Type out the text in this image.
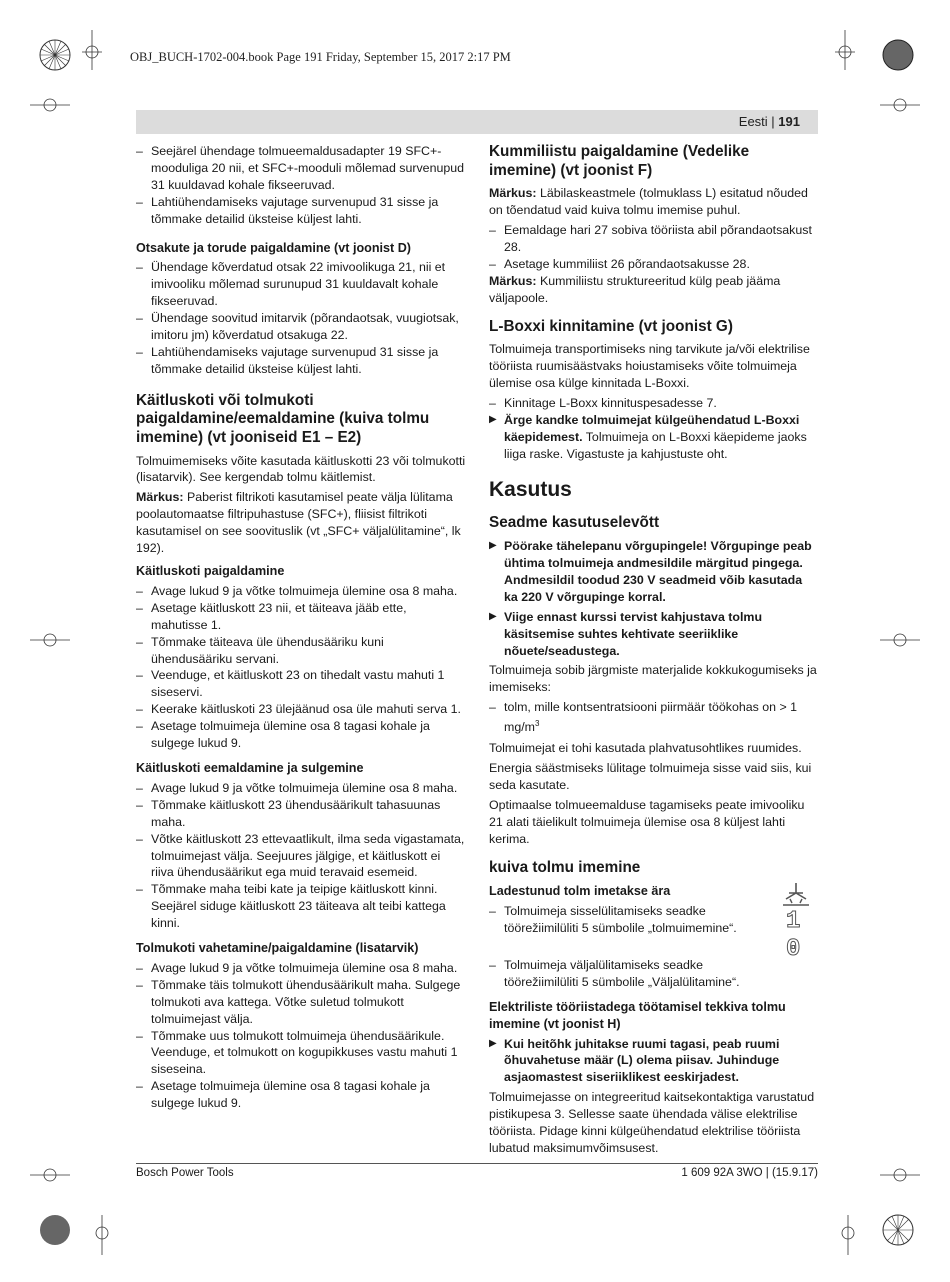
OBJ_BUCH-1702-004.book Page 191 Friday, September 15, 2017 2:17 PM
Eesti | 191

– Seejärel ühendage tolmueemaldusadapter 19 SFC+-mooduliga 20 nii, et SFC+-mooduli mõlemad survenupud 31 kuuldavad kohale fikseeruvad.

– Lahtiühendamiseks vajutage survenupud 31 sisse ja tõmmake detailid üksteise küljest lahti.

Otsakute ja torude paigaldamine (vt joonist D)

– Ühendage kõverdatud otsak 22 imivoolikuga 21, nii et imivooliku mõlemad surunupud 31 kuuldavalt kohale fikseeruvad.

– Ühendage soovitud imitarvik (põrandaotsak, vuugiotsak, imitoru jm) kõverdatud otsakuga 22.

– Lahtiühendamiseks vajutage survenupud 31 sisse ja tõmmake detailid üksteise küljest lahti.

Käitluskoti või tolmukoti paigaldamine/eemaldamine (kuiva tolmu imemine) (vt jooniseid E1 – E2)

Tolmuimemiseks võite kasutada käitluskotti 23 või tolmukotti (lisatarvik). See kergendab tolmu käitlemist.

Märkus: Paberist filtrikoti kasutamisel peate välja lülitama poolautomaatse filtripuhastuse (SFC+), fliisist filtrikoti kasutamisel on see soovituslik (vt „SFC+ väljalülitamine“, lk 192).

Käitluskoti paigaldamine

– Avage lukud 9 ja võtke tolmuimeja ülemine osa 8 maha.

– Asetage käitluskott 23 nii, et täiteava jääb ette, mahutisse 1.

– Tõmmake täiteava üle ühendusääriku kuni ühendusääriku servani.

– Veenduge, et käitluskott 23 on tihedalt vastu mahuti 1 siseservi.

– Keerake käitluskoti 23 ülejäänud osa üle mahuti serva 1.

– Asetage tolmuimeja ülemine osa 8 tagasi kohale ja sulgege lukud 9.

Käitluskoti eemaldamine ja sulgemine

– Avage lukud 9 ja võtke tolmuimeja ülemine osa 8 maha.

– Tõmmake käitluskott 23 ühendusäärikult tahasuunas maha.

– Võtke käitluskott 23 ettevaatlikult, ilma seda vigastamata, tolmuimejast välja. Seejuures jälgige, et käitluskott ei riiva ühendusäärikut ega muid teravaid esemeid.

– Tõmmake maha teibi kate ja teipige käitluskott kinni. Seejärel siduge käitluskott 23 täiteava alt teibi kattega kinni.

Tolmukoti vahetamine/paigaldamine (lisatarvik)

– Avage lukud 9 ja võtke tolmuimeja ülemine osa 8 maha.

– Tõmmake täis tolmukott ühendusäärikult maha. Sulgege tolmukoti ava kattega. Võtke suletud tolmukott tolmuimejast välja.

– Tõmmake uus tolmukott tolmuimeja ühendusäärikule. Veenduge, et tolmukott on kogupikkuses vastu mahuti 1 siseseina.

– Asetage tolmuimeja ülemine osa 8 tagasi kohale ja sulgege lukud 9.

Kummiliistu paigaldamine (Vedelike imemine) (vt joonist F)

Märkus: Läbilaskeastmele (tolmuklass L) esitatud nõuded on tõendatud vaid kuiva tolmu imemise puhul.

– Eemaldage hari 27 sobiva tööriista abil põrandaotsakust 28.

– Asetage kummiliist 26 põrandaotsakusse 28.

Märkus: Kummiliistu struktureeritud külg peab jääma väljapoole.

L-Boxxi kinnitamine (vt joonist G)

Tolmuimeja transportimiseks ning tarvikute ja/või elektrilise tööriista ruumisäästvaks hoiustamiseks võite tolmuimeja ülemise osa külge kinnitada L-Boxxi.

– Kinnitage L-Boxx kinnituspesadesse 7.

▶ Ärge kandke tolmuimejat külgeühendatud L-Boxxi käepidemest. Tolmuimeja on L-Boxxi käepideme jaoks liiga raske. Vigastuste ja kahjustuste oht.

Kasutus
Seadme kasutuselevõtt

▶ Pöörake tähelepanu võrgupingele! Võrgupinge peab ühtima tolmuimeja andmesildile märgitud pingega. Andmesildil toodud 230 V seadmeid võib kasutada ka 220 V võrgupinge korral.

▶ Viige ennast kurssi tervist kahjustava tolmu käsitsemise suhtes kehtivate seeriiklike nõuete/seadustega.

Tolmuimeja sobib järgmiste materjalide kokkukogumiseks ja imemiseks:

– tolm, mille kontsentratsiooni piirmäär töökohas on > 1 $mg/m^3$

Tolmuimejat ei tohi kasutada plahvatusohtlikes ruumides.

Energia säästmiseks lülitage tolmuimeja sisse vaid siis, kui seda kasutate.

Optimaalse tolmueemalduse tagamiseks peate imivooliku 21 alati täielikult tolmuimeja ülemise osa 8 küljest lahti kerima.

kuiva tolmu imemine
Ladestunud tolm imetakse ära

– Tolmuimeja sisselülitamiseks seadke töörežiimilüliti 5 sümbolile „tolmuimemine“.

– Tolmuimeja väljalülitamiseks seadke töörežiimilüliti 5 sümbolile „Väljalülitamine“.

Elektriliste tööriistadega töötamisel tekkiva tolmu imemine (vt joonist H)

▶ Kui heitõhk juhitakse ruumi tagasi, peab ruumi õhuvahetuse määr (L) olema piisav. Juhinduge asjaomastest siseriiklikest eeskirjadest.

Tolmuimejasse on integreeritud kaitsekontaktiga varustatud pistikupesa 3. Sellesse saate ühendada välise elektrilise tööriista. Pidage kinni külgeühendatud elektrilise tööriista lubatud maksimumvõimsusest.

1
0
Bosch Power Tools	1 609 92A 3WO | (15.9.17)
